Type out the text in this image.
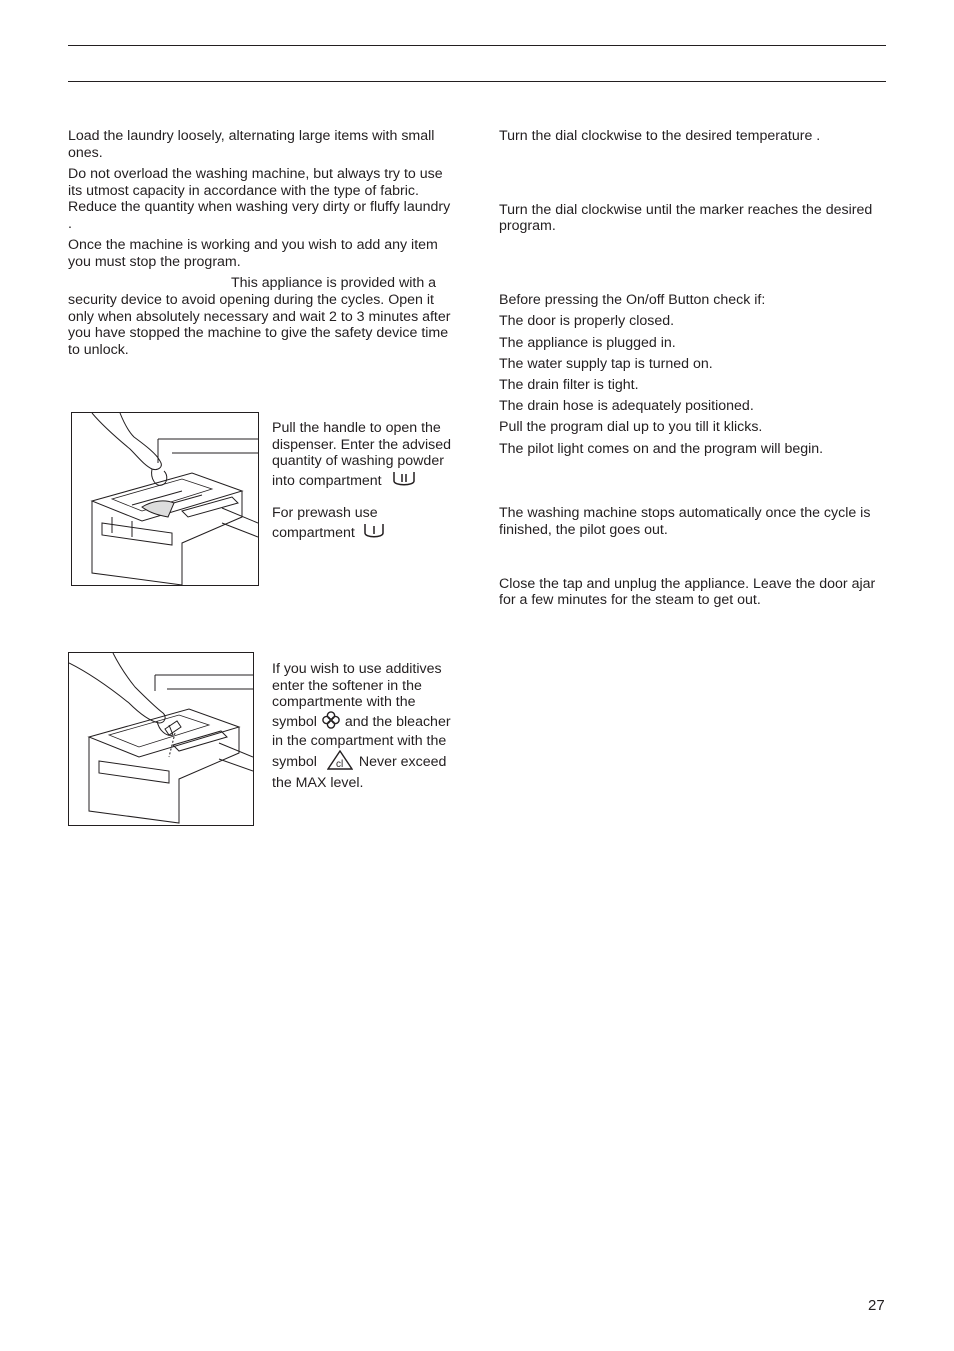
Load the laundry loosely, alternating large items with small ones.

Do not overload the washing machine, but always try to use its utmost capacity in accordance with the type of fabric. Reduce the quantity when washing very dirty or fluffy laundry .

Once the machine is working and you wish to add any item you must stop the program.

This appliance is provided with a security device to avoid opening during the cycles. Open it only when absolutely necessary and wait 2 to 3 minutes after you have stopped the machine to give the safety device time to unlock.

Pull the handle to open the dispenser. Enter the advised quantity of washing powder into compartment

For prewash use compartment

If you wish to use additives enter the softener in the compartmente with the symbol and the bleacher in the compartment with the symbol cl Never exceed the MAX level.

Turn the dial clockwise to the desired temperature .

Turn the dial clockwise until the marker reaches the desired program.

Before pressing the On/off Button check if:

The door is properly closed.

The appliance is plugged in.

The water supply tap is turned on.

The drain filter is tight.

The drain hose is adequately positioned.

Pull the program dial up to you till it klicks.

The pilot light comes on and the program will begin.

The washing machine stops automatically once the cycle is finished, the pilot goes out.

Close the tap and unplug the appliance. Leave the door ajar for a few minutes for the steam to get out.

27
